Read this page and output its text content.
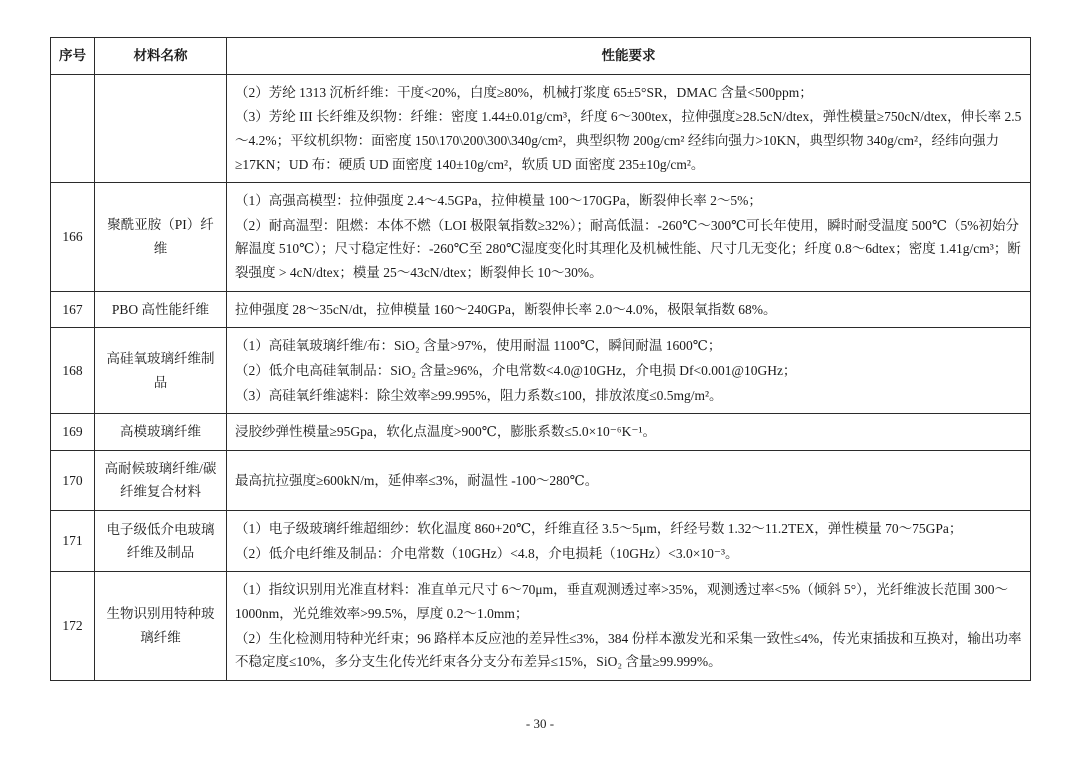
序号	材料名称	性能要求

		（2）芳纶 1313 沉析纤维：干度<20%，白度≥80%，机械打浆度 65±5°SR，DMAC 含量<500ppm；

（3）芳纶 III 长纤维及织物：纤维：密度 1.44±0.01g/cm³，纤度 6～300tex，拉伸强度≥28.5cN/dtex，弹性模量≥750cN/dtex，伸长率 2.5～4.2%；平纹机织物：面密度 150\170\200\300\340g/cm²，典型织物 200g/cm² 经纬向强力>10KN，典型织物 340g/cm²，经纬向强力≥17KN；UD 布：硬质 UD 面密度 140±10g/cm²，软质 UD 面密度 235±10g/cm²。

166	聚酰亚胺（PI）纤维	（1）高强高模型：拉伸强度 2.4～4.5GPa，拉伸模量 100～170GPa，断裂伸长率 2～5%；

（2）耐高温型：阻燃：本体不燃（LOI 极限氧指数≥32%）；耐高低温：-260℃～300℃可长年使用，瞬时耐受温度 500℃（5%初始分解温度 510℃）；尺寸稳定性好：-260℃至 280℃湿度变化时其理化及机械性能、尺寸几无变化；纤度 0.8～6dtex；密度 1.41g/cm³；断裂强度 > 4cN/dtex；模量 25～43cN/dtex；断裂伸长 10～30%。

167	PBO 高性能纤维	拉伸强度 28～35cN/dt，拉伸模量 160～240GPa，断裂伸长率 2.0～4.0%，极限氧指数 68%。

168	高硅氧玻璃纤维制品	（1）高硅氧玻璃纤维/布：SiO₂ 含量>97%，使用耐温 1100℃，瞬间耐温 1600℃；

（2）低介电高硅氧制品：SiO₂ 含量≥96%，介电常数<4.0@10GHz，介电损 Df<0.001@10GHz；

（3）高硅氧纤维滤料：除尘效率≥99.995%，阻力系数≤100，排放浓度≤0.5mg/m²。

169	高模玻璃纤维	浸胶纱弹性模量≥95Gpa，软化点温度>900℃，膨胀系数≤5.0×10⁻⁶K⁻¹。

170	高耐候玻璃纤维/碳纤维复合材料	最高抗拉强度≥600kN/m，延伸率≤3%，耐温性 -100～280℃。

171	电子级低介电玻璃纤维及制品	（1）电子级玻璃纤维超细纱：软化温度 860+20℃，纤维直径 3.5～5μm，纤经号数 1.32～11.2TEX，弹性模量 70～75GPa；

（2）低介电纤维及制品：介电常数（10GHz）<4.8，介电损耗（10GHz）<3.0×10⁻³。

172	生物识别用特种玻璃纤维	（1）指纹识别用光准直材料：准直单元尺寸 6～70μm，垂直观测透过率>35%，观测透过率<5%（倾斜 5°），光纤维波长范围 300～1000nm，光兑维效率>99.5%，厚度 0.2～1.0mm；

（2）生化检测用特种光纤束；96 路样本反应池的差异性≤3%，384 份样本激发光和采集一致性≤4%，传光束插拔和互换对，输出功率不稳定度≤10%，多分支生化传光纤束各分支分布差异≤15%，SiO₂ 含量≥99.999%。

- 30 -
